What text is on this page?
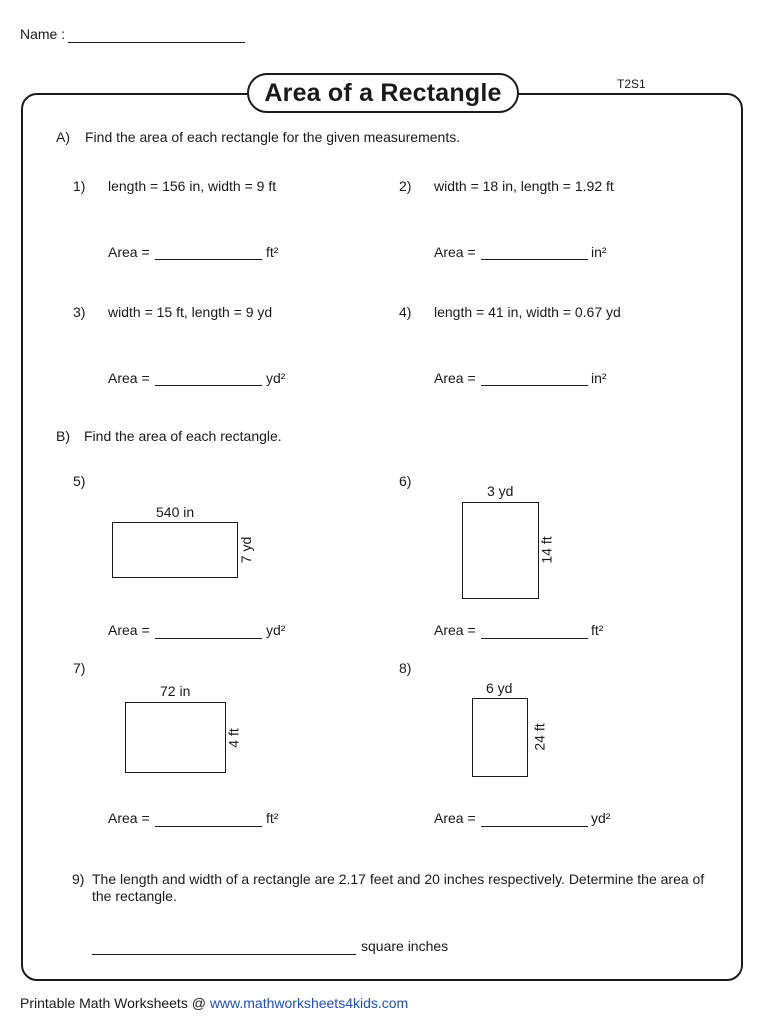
Name :
T2S1
Area of a Rectangle
A) Find the area of each rectangle for the given measurements.
1) length = 156 in, width = 9 ft
Area =	ft²
2) width = 18 in, length = 1.92 ft
Area =	in²
3) width = 15 ft, length = 9 yd
Area =	yd²
4) length = 41 in, width = 0.67 yd
Area =	in²
B) Find the area of each rectangle.
5)
540 in
7 yd
Area =	yd²
6)
3 yd
14 ft
Area =	ft²
7)
72 in
4 ft
Area =	ft²
8)
6 yd
24 ft
Area =	yd²
9) The length and width of a rectangle are 2.17 feet and 20 inches respectively. Determine the area of
the rectangle.
square inches
Printable Math Worksheets @ www.mathworksheets4kids.com
